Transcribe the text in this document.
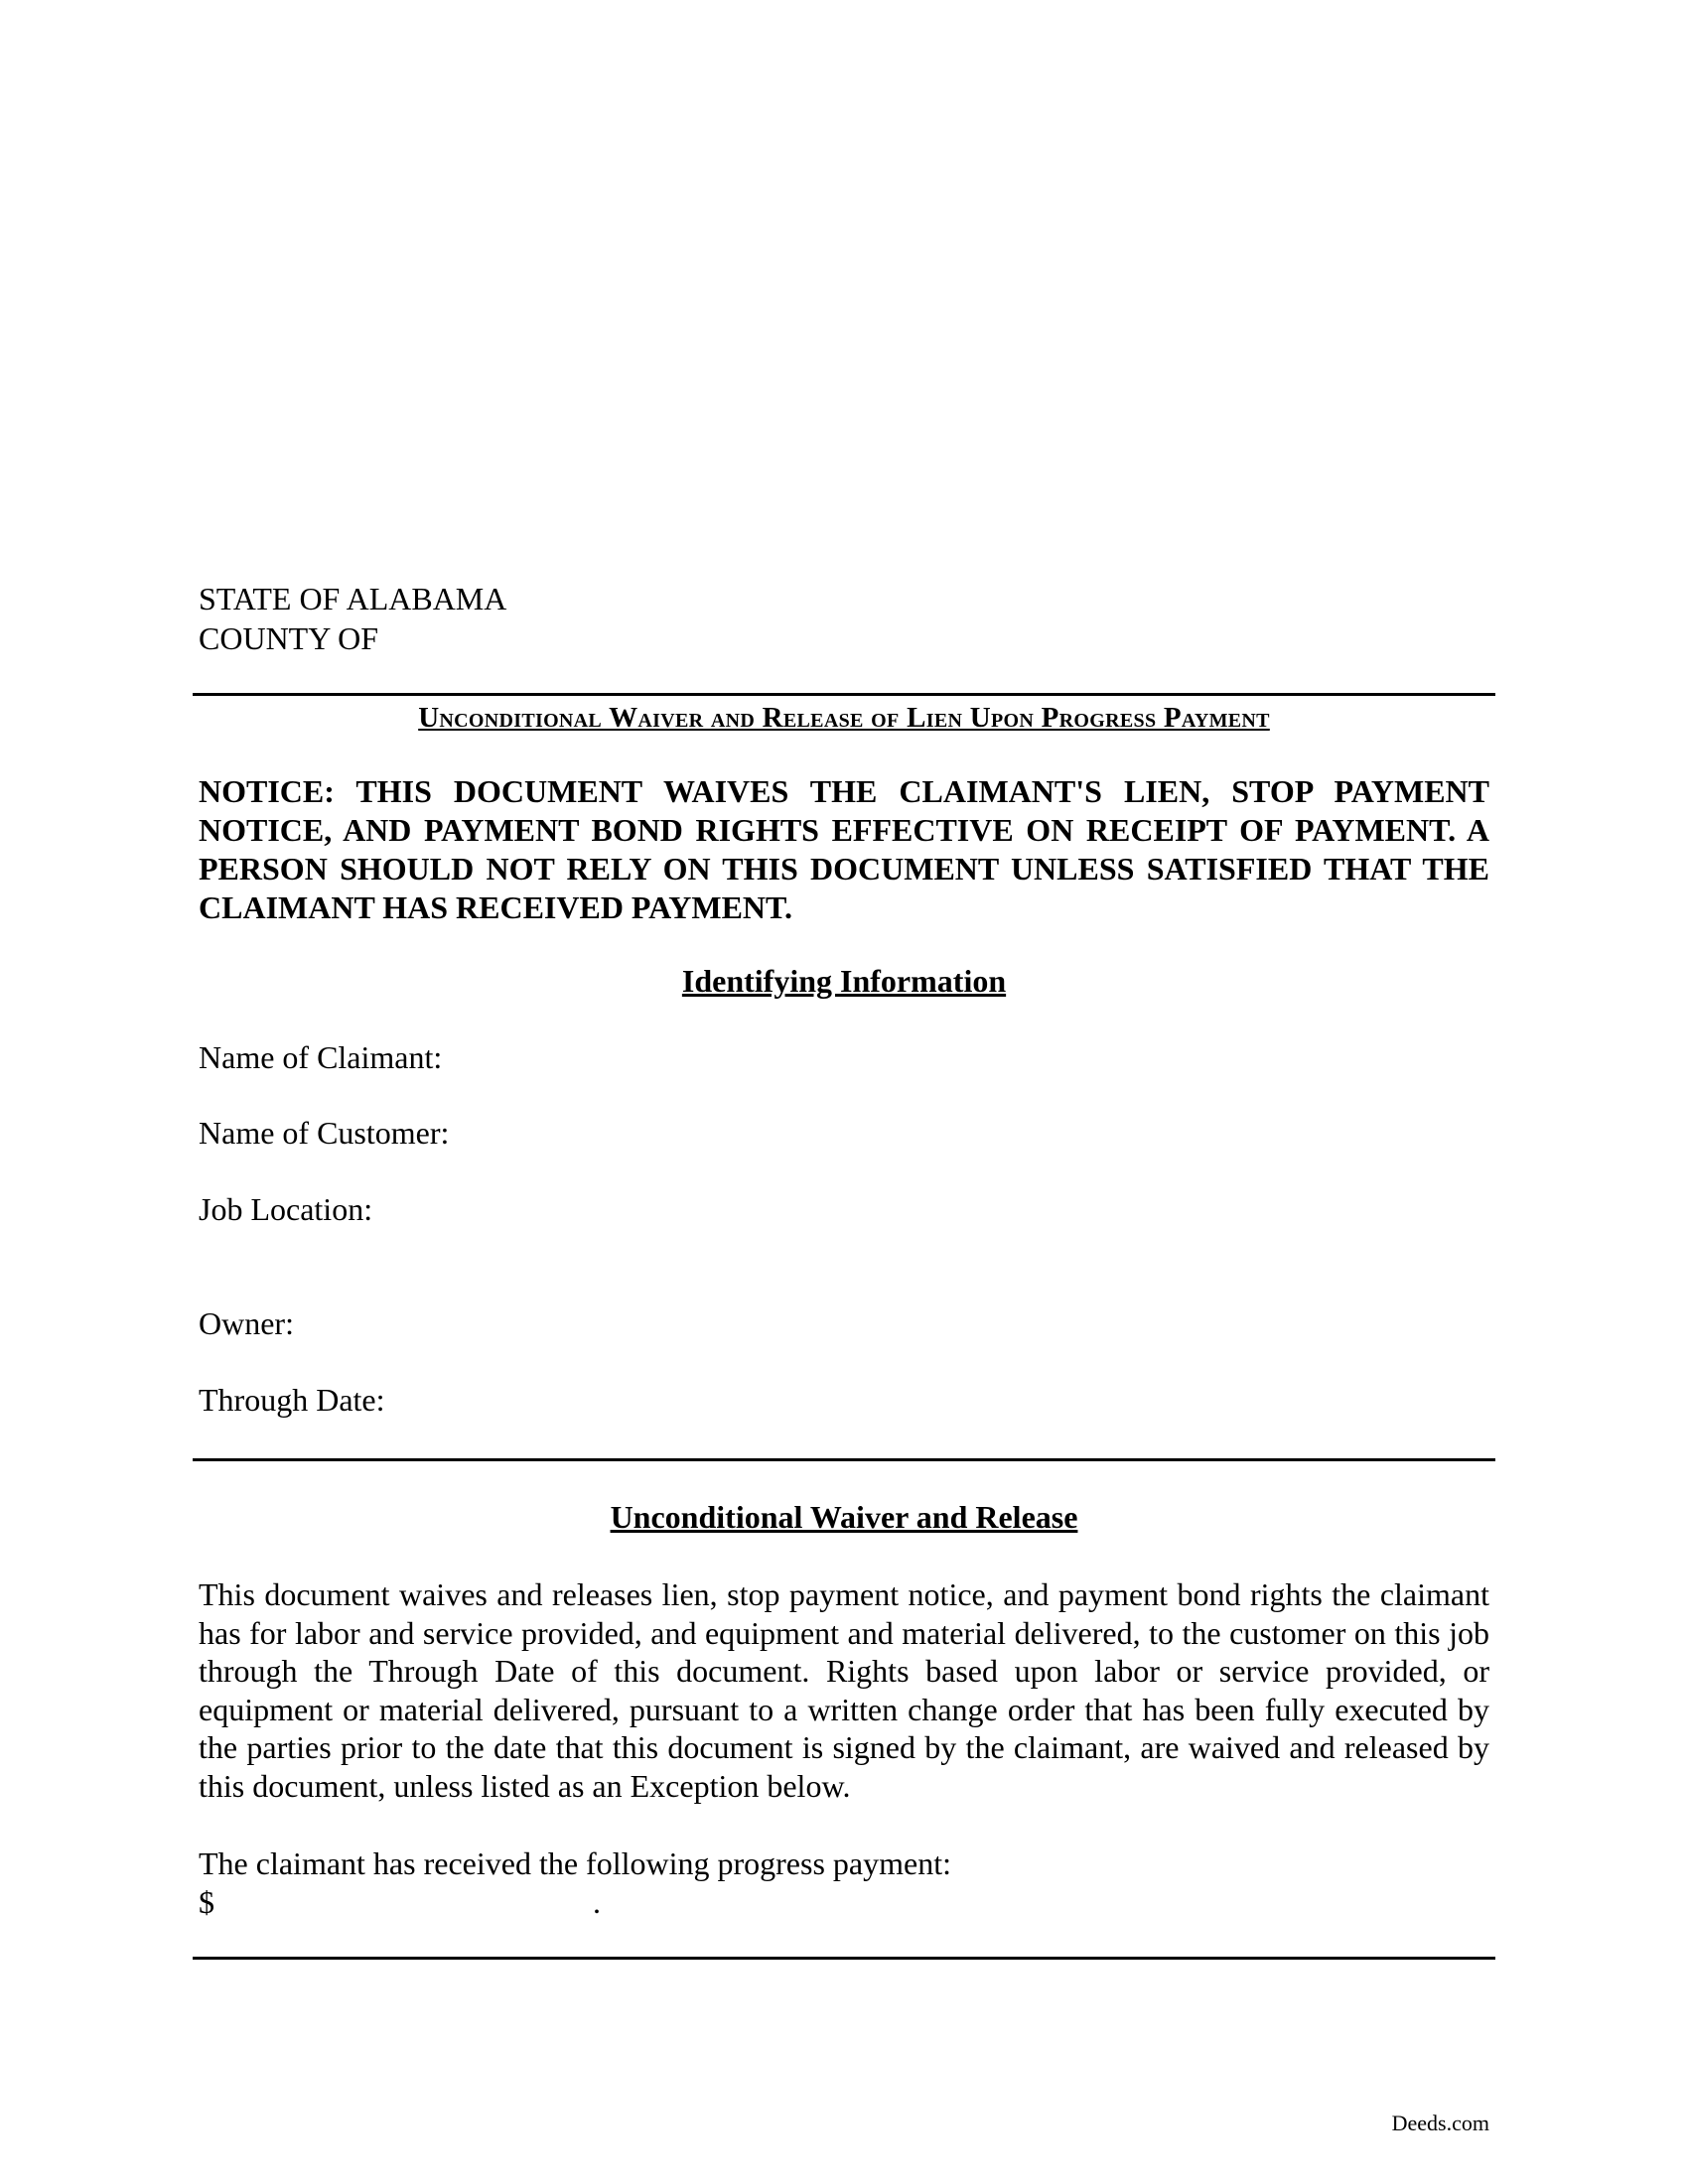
STATE OF ALABAMA
COUNTY OF
Unconditional Waiver and Release of Lien Upon Progress Payment
NOTICE: THIS DOCUMENT WAIVES THE CLAIMANT'S LIEN, STOP PAYMENT NOTICE, AND PAYMENT BOND RIGHTS EFFECTIVE ON RECEIPT OF PAYMENT. A PERSON SHOULD NOT RELY ON THIS DOCUMENT UNLESS SATISFIED THAT THE CLAIMANT HAS RECEIVED PAYMENT.
Identifying Information
Name of Claimant:
Name of Customer:
Job Location:
Owner:
Through Date:
Unconditional Waiver and Release
This document waives and releases lien, stop payment notice, and payment bond rights the claimant has for labor and service provided, and equipment and material delivered, to the customer on this job through the Through Date of this document. Rights based upon labor or service provided, or equipment or material delivered, pursuant to a written change order that has been fully executed by the parties prior to the date that this document is signed by the claimant, are waived and released by this document, unless listed as an Exception below.
The claimant has received the following progress payment:
$	.
Deeds.com
